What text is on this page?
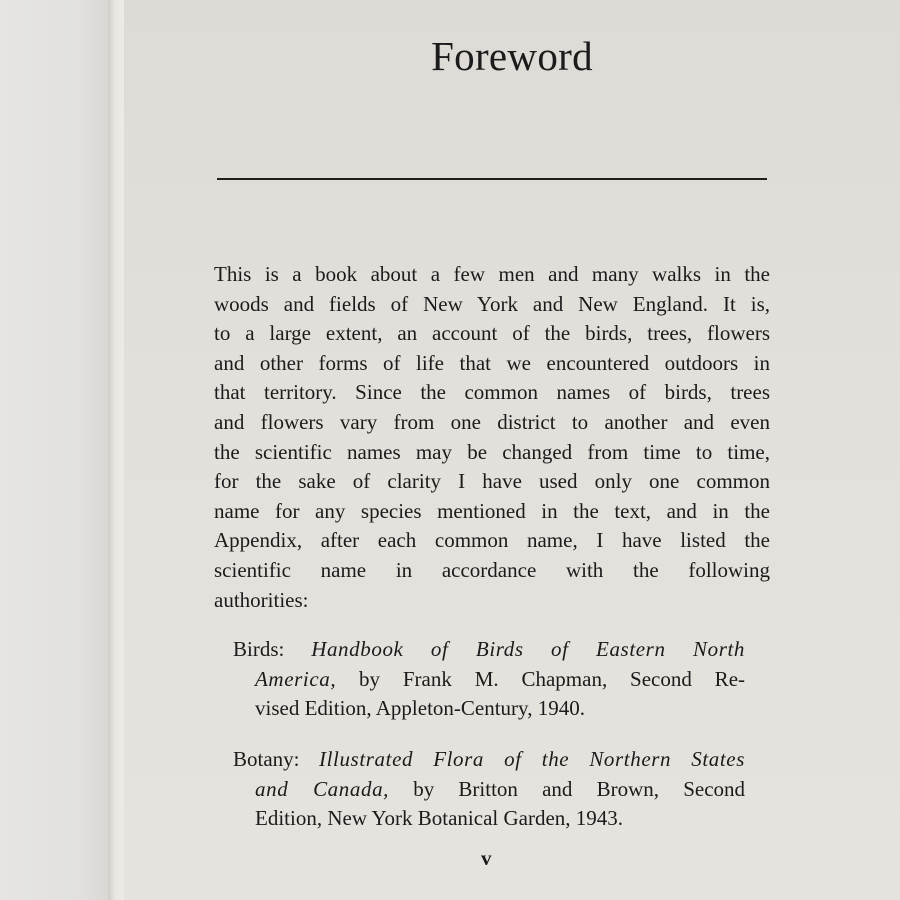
Foreword
This is a book about a few men and many walks in the
woods and fields of New York and New England. It is,
to a large extent, an account of the birds, trees, flowers
and other forms of life that we encountered outdoors in
that territory. Since the common names of birds, trees
and flowers vary from one district to another and even
the scientific names may be changed from time to time,
for the sake of clarity I have used only one common
name for any species mentioned in the text, and in the
Appendix, after each common name, I have listed the
scientific name in accordance with the following
authorities:
Birds: Handbook of Birds of Eastern North
America, by Frank M. Chapman, Second Re-
vised Edition, Appleton-Century, 1940.
Botany: Illustrated Flora of the Northern States
and Canada, by Britton and Brown, Second
Edition, New York Botanical Garden, 1943.
v
